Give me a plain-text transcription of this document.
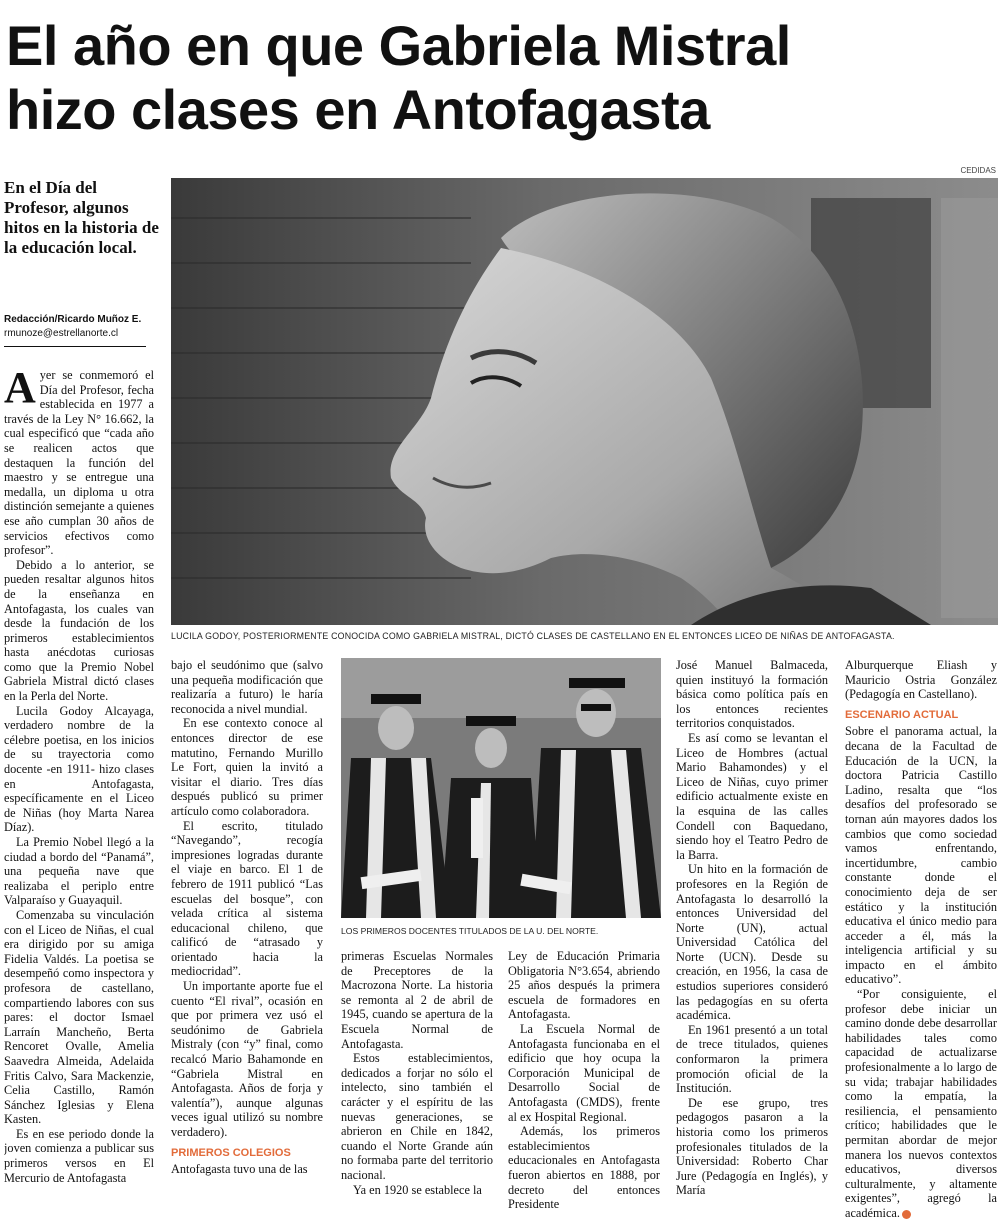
El año en que Gabriela Mistral
hizo clases en Antofagasta
CEDIDAS

En el Día del Profesor, algunos hitos en la historia de la educación local.

Redacción/Ricardo Muñoz E.
rmunoze@estrellanorte.cl
LUCILA GODOY, POSTERIORMENTE CONOCIDA COMO GABRIELA MISTRAL, DICTÓ CLASES DE CASTELLANO EN EL ENTONCES LICEO DE NIÑAS DE ANTOFAGASTA.

Ayer se conmemoró el Día del Profesor, fecha establecida en 1977 a través de la Ley N° 16.662, la cual especificó que “cada año se realicen actos que destaquen la función del maestro y se entregue una medalla, un diploma u otra distinción semejante a quienes ese año cumplan 30 años de servicios efectivos como profesor”.

Debido a lo anterior, se pueden resaltar algunos hitos de la enseñanza en Antofagasta, los cuales van desde la fundación de los primeros establecimientos hasta anécdotas curiosas como que la Premio Nobel Gabriela Mistral dictó clases en la Perla del Norte.

Lucila Godoy Alcayaga, verdadero nombre de la célebre poetisa, en los inicios de su trayectoria como docente -en 1911- hizo clases en Antofagasta, específicamente en el Liceo de Niñas (hoy Marta Narea Díaz).

La Premio Nobel llegó a la ciudad a bordo del “Panamá”, una pequeña nave que realizaba el periplo entre Valparaíso y Guayaquil.

Comenzaba su vinculación con el Liceo de Niñas, el cual era dirigido por su amiga Fidelia Valdés. La poetisa se desempeñó como inspectora y profesora de castellano, compartiendo labores con sus pares: el doctor Ismael Larraín Mancheño, Berta Rencoret Ovalle, Amelia Saavedra Almeida, Adelaida Fritis Calvo, Sara Mackenzie, Celia Castillo, Ramón Sánchez Iglesias y Elena Kasten.

Es en ese periodo donde la joven comienza a publicar sus primeros versos en El Mercurio de Antofagasta

bajo el seudónimo que (salvo una pequeña modificación que realizaría a futuro) le haría reconocida a nivel mundial.

En ese contexto conoce al entonces director de ese matutino, Fernando Murillo Le Fort, quien la invitó a visitar el diario. Tres días después publicó su primer artículo como colaboradora.

El escrito, titulado “Navegando”, recogía impresiones logradas durante el viaje en barco. El 1 de febrero de 1911 publicó “Las escuelas del bosque”, con velada crítica al sistema educacional chileno, que calificó de “atrasado y orientado hacia la mediocridad”.

Un importante aporte fue el cuento “El rival”, ocasión en que por primera vez usó el seudónimo de Gabriela Mistraly (con “y” final, como recalcó Mario Bahamonde en “Gabriela Mistral en Antofagasta. Años de forja y valentía”), aunque algunas veces igual utilizó su nombre verdadero).

PRIMEROS COLEGIOS

Antofagasta tuvo una de las

LOS PRIMEROS DOCENTES TITULADOS DE LA U. DEL NORTE.

primeras Escuelas Normales de Preceptores de la Macrozona Norte. La historia se remonta al 2 de abril de 1945, cuando se apertura de la Escuela Normal de Antofagasta.

Estos establecimientos, dedicados a forjar no sólo el intelecto, sino también el carácter y el espíritu de las nuevas generaciones, se abrieron en Chile en 1842, cuando el Norte Grande aún no formaba parte del territorio nacional.

Ya en 1920 se establece la

Ley de Educación Primaria Obligatoria N°3.654, abriendo 25 años después la primera escuela de formadores en Antofagasta.

La Escuela Normal de Antofagasta funcionaba en el edificio que hoy ocupa la Corporación Municipal de Desarrollo Social de Antofagasta (CMDS), frente al ex Hospital Regional.

Además, los primeros establecimientos educacionales en Antofagasta fueron abiertos en 1888, por decreto del entonces Presidente

José Manuel Balmaceda, quien instituyó la formación básica como política país en los entonces recientes territorios conquistados.

Es así como se levantan el Liceo de Hombres (actual Mario Bahamondes) y el Liceo de Niñas, cuyo primer edificio actualmente existe en la esquina de las calles Condell con Baquedano, siendo hoy el Teatro Pedro de la Barra.

Un hito en la formación de profesores en la Región de Antofagasta lo desarrolló la entonces Universidad del Norte (UN), actual Universidad Católica del Norte (UCN). Desde su creación, en 1956, la casa de estudios superiores consideró las pedagogías en su oferta académica.

En 1961 presentó a un total de trece titulados, quienes conformaron la primera promoción oficial de la Institución.

De ese grupo, tres pedagogos pasaron a la historia como los primeros profesionales titulados de la Universidad: Roberto Char Jure (Pedagogía en Inglés), y María

Alburquerque Eliash y Mauricio Ostria González (Pedagogía en Castellano).

ESCENARIO ACTUAL

Sobre el panorama actual, la decana de la Facultad de Educación de la UCN, la doctora Patricia Castillo Ladino, resalta que “los desafíos del profesorado se tornan aún mayores dados los cambios que como sociedad vamos enfrentando, incertidumbre, cambio constante donde el conocimiento deja de ser estático y la institución educativa el único medio para acceder a él, más la inteligencia artificial y su impacto en el ámbito educativo”.

“Por consiguiente, el profesor debe iniciar un camino donde debe desarrollar habilidades tales como capacidad de actualizarse profesionalmente a lo largo de su vida; trabajar habilidades como la empatía, la resiliencia, el pensamiento crítico; habilidades que le permitan abordar de mejor manera los nuevos contextos educativos, diversos culturalmente, y altamente exigentes”, agregó la académica.
